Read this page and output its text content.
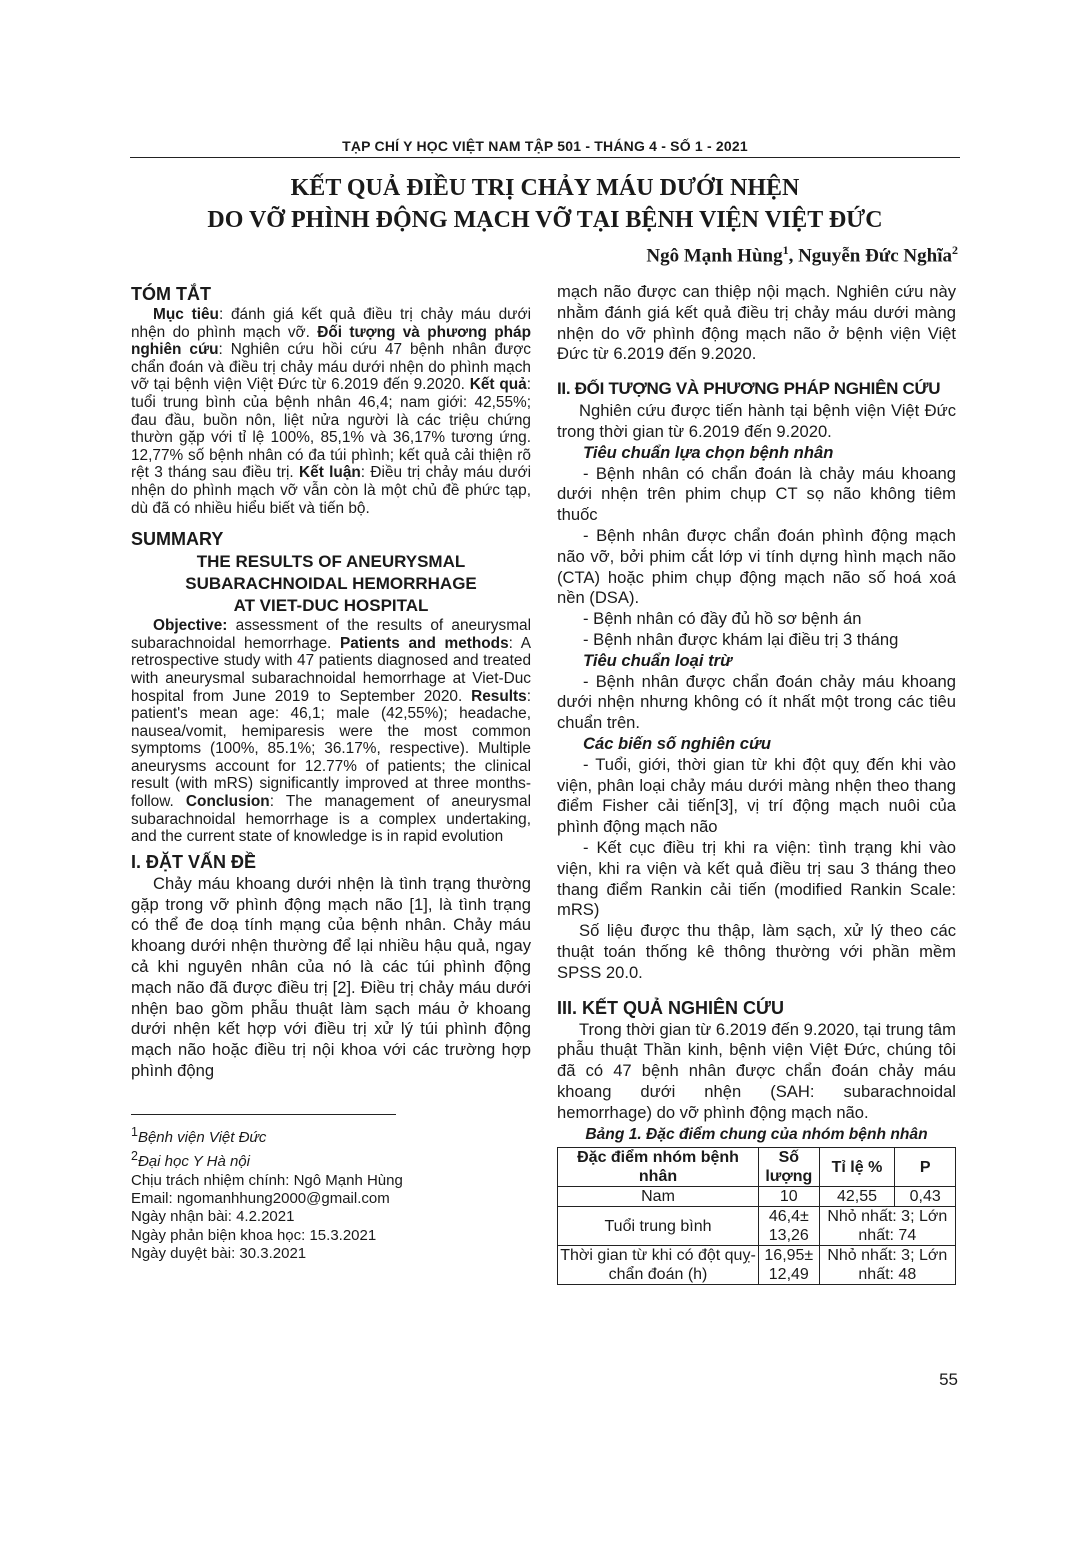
TẠP CHÍ Y HỌC VIỆT NAM TẬP 501 - THÁNG 4 - SỐ 1 - 2021
KẾT QUẢ ĐIỀU TRỊ CHẢY MÁU DƯỚI NHỆN
DO VỠ PHÌNH ĐỘNG MẠCH VỠ TẠI BỆNH VIỆN VIỆT ĐỨC
Ngô Mạnh Hùng$^1$, Nguyễn Đức Nghĩa$^2$
TÓM TẮT

Mục tiêu: đánh giá kết quả điều trị chảy máu dưới nhện do phình mạch vỡ. Đối tượng và phương pháp nghiên cứu: Nghiên cứu hồi cứu 47 bệnh nhân được chẩn đoán và điều trị chảy máu dưới nhện do phình mạch vỡ tại bệnh viện Việt Đức từ 6.2019 đến 9.2020. Kết quả: tuổi trung bình của bệnh nhân 46,4; nam giới: 42,55%; đau đầu, buồn nôn, liệt nửa người là các triệu chứng thườn gặp với tỉ lệ 100%, 85,1% và 36,17% tương ứng. 12,77% số bệnh nhân có đa túi phình; kết quả cải thiện rõ rệt 3 tháng sau điều trị. Kết luận: Điều trị chảy máu dưới nhện do phình mạch vỡ vẫn còn là một chủ đề phức tạp, dù đã có nhiều hiểu biết và tiến bộ.

SUMMARY
THE RESULTS OF ANEURYSMAL
SUBARACHNOIDAL HEMORRHAGE
AT VIET-DUC HOSPITAL

Objective: assessment of the results of aneurysmal subarachnoidal hemorrhage. Patients and methods: A retrospective study with 47 patients diagnosed and treated with aneurysmal subarachnoidal hemorrhage at Viet-Duc hospital from June 2019 to September 2020. Results: patient's mean age: 46,1; male (42,55%); headache, nausea/vomit, hemiparesis were the most common symptoms (100%, 85.1%; 36.17%, respective). Multiple aneurysms account for 12.77% of patients; the clinical result (with mRS) significantly improved at three months-follow. Conclusion: The management of aneurysmal subarachnoidal hemorrhage is a complex undertaking, and the current state of knowledge is in rapid evolution

I. ĐẶT VẤN ĐỀ

Chảy máu khoang dưới nhện là tình trạng thường gặp trong vỡ phình động mạch não [1], là tình trạng có thể đe doạ tính mạng của bệnh nhân. Chảy máu khoang dưới nhện thường để lại nhiều hậu quả, ngay cả khi nguyên nhân của nó là các túi phình động mạch não đã được điều trị [2]. Điều trị chảy máu dưới nhện bao gồm phẫu thuật làm sạch máu ở khoang dưới nhện kết hợp với điều trị xử lý túi phình động mạch não hoặc điều trị nội khoa với các trường hợp phình động

$^1$Bệnh viện Việt Đức
$^2$Đại học Y Hà nội
Chịu trách nhiệm chính: Ngô Mạnh Hùng
Email: ngomanhhung2000@gmail.com
Ngày nhận bài: 4.2.2021
Ngày phản biện khoa học: 15.3.2021
Ngày duyệt bài: 30.3.2021

mạch não được can thiệp nội mạch. Nghiên cứu này nhằm đánh giá kết quả điều trị chảy máu dưới màng nhện do vỡ phình động mạch não ở bệnh viện Việt Đức từ 6.2019 đến 9.2020.

II. ĐỐI TƯỢNG VÀ PHƯƠNG PHÁP NGHIÊN CỨU

Nghiên cứu được tiến hành tại bệnh viện Việt Đức trong thời gian từ 6.2019 đến 9.2020.

Tiêu chuẩn lựa chọn bệnh nhân

- Bệnh nhân có chẩn đoán là chảy máu khoang dưới nhện trên phim chụp CT sọ não không tiêm thuốc

- Bệnh nhân được chẩn đoán phình động mạch não vỡ, bởi phim cắt lớp vi tính dựng hình mạch não (CTA) hoặc phim chụp động mạch não số hoá xoá nền (DSA).

- Bệnh nhân có đầy đủ hồ sơ bệnh án

- Bệnh nhân được khám lại điều trị 3 tháng

Tiêu chuẩn loại trừ

- Bệnh nhân được chẩn đoán chảy máu khoang dưới nhện nhưng không có ít nhất một trong các tiêu chuẩn trên.

Các biến số nghiên cứu

- Tuổi, giới, thời gian từ khi đột quỵ đến khi vào viện, phân loại chảy máu dưới màng nhện theo thang điểm Fisher cải tiến[3], vị trí động mạch nuôi của phình động mạch não

- Kết cục điều trị khi ra viện: tình trạng khi vào viện, khi ra viện và kết quả điều trị sau 3 tháng theo thang điểm Rankin cải tiến (modified Rankin Scale: mRS)

Số liệu được thu thập, làm sạch, xử lý theo các thuật toán thống kê thông thường với phần mềm SPSS 20.0.

III. KẾT QUẢ NGHIÊN CỨU

Trong thời gian từ 6.2019 đến 9.2020, tại trung tâm phẫu thuật Thần kinh, bệnh viện Việt Đức, chúng tôi đã có 47 bệnh nhân được chẩn đoán chảy máu khoang dưới nhện (SAH: subarachnoidal hemorrhage) do vỡ phình động mạch não.

Bảng 1. Đặc điểm chung của nhóm bệnh nhân
Đặc điểm nhóm bệnh nhân	Số lượng	Tỉ lệ %	P
Nam	10	42,55	0,43
Tuổi trung bình	46,4± 13,26	Nhỏ nhất: 3; Lớn nhất: 74	
Thời gian từ khi có đột quỵ-chẩn đoán (h)	16,95± 12,49	Nhỏ nhất: 3; Lớn nhất: 48	
55
